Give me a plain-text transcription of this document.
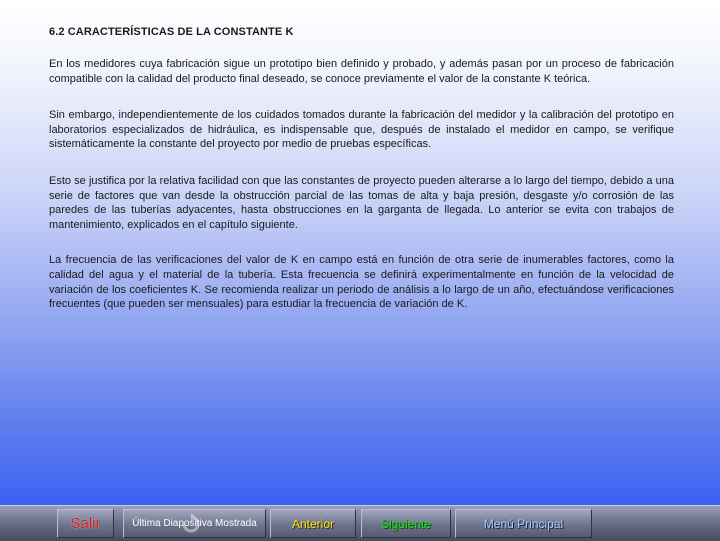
6.2 CARACTERÍSTICAS DE LA CONSTANTE K

En los medidores cuya fabricación sigue un prototipo bien definido y probado, y además pasan por un proceso de fabricación compatible con la calidad del producto final deseado, se conoce previamente el valor de la constante K teórica.

Sin embargo, independientemente de los cuidados tomados durante la fabricación del medidor y la calibración del prototipo en laboratorios especializados de hidráulica, es indispensable que, después de instalado el medidor en campo, se verifique sistemáticamente la constante del proyecto por medio de pruebas específicas.

Esto se justifica por la relativa facilidad con que las constantes de proyecto pueden alterarse a lo largo del tiempo, debido a una serie de factores que van desde la obstrucción parcial de las tomas de alta y baja presión, desgaste y/o corrosión de las paredes de las tuberías adyacentes, hasta obstrucciones en la garganta de llegada. Lo anterior se evita con trabajos de mantenimiento, explicados en el capítulo siguiente.

La frecuencia de las verificaciones del valor de K en campo está en función de otra serie de inumerables factores, como la calidad del agua y el material de la tubería. Esta frecuencia se definirá experimentalmente en función de la velocidad de variación de los coeficientes K. Se recomienda realizar un periodo de análisis a lo largo de un año, efectuándose verificaciones frecuentes (que pueden ser mensuales) para estudiar la frecuencia de variación de K.

Salir	Última Diapositiva Mostrada	Anterior	Siguiente	Menú Principal
